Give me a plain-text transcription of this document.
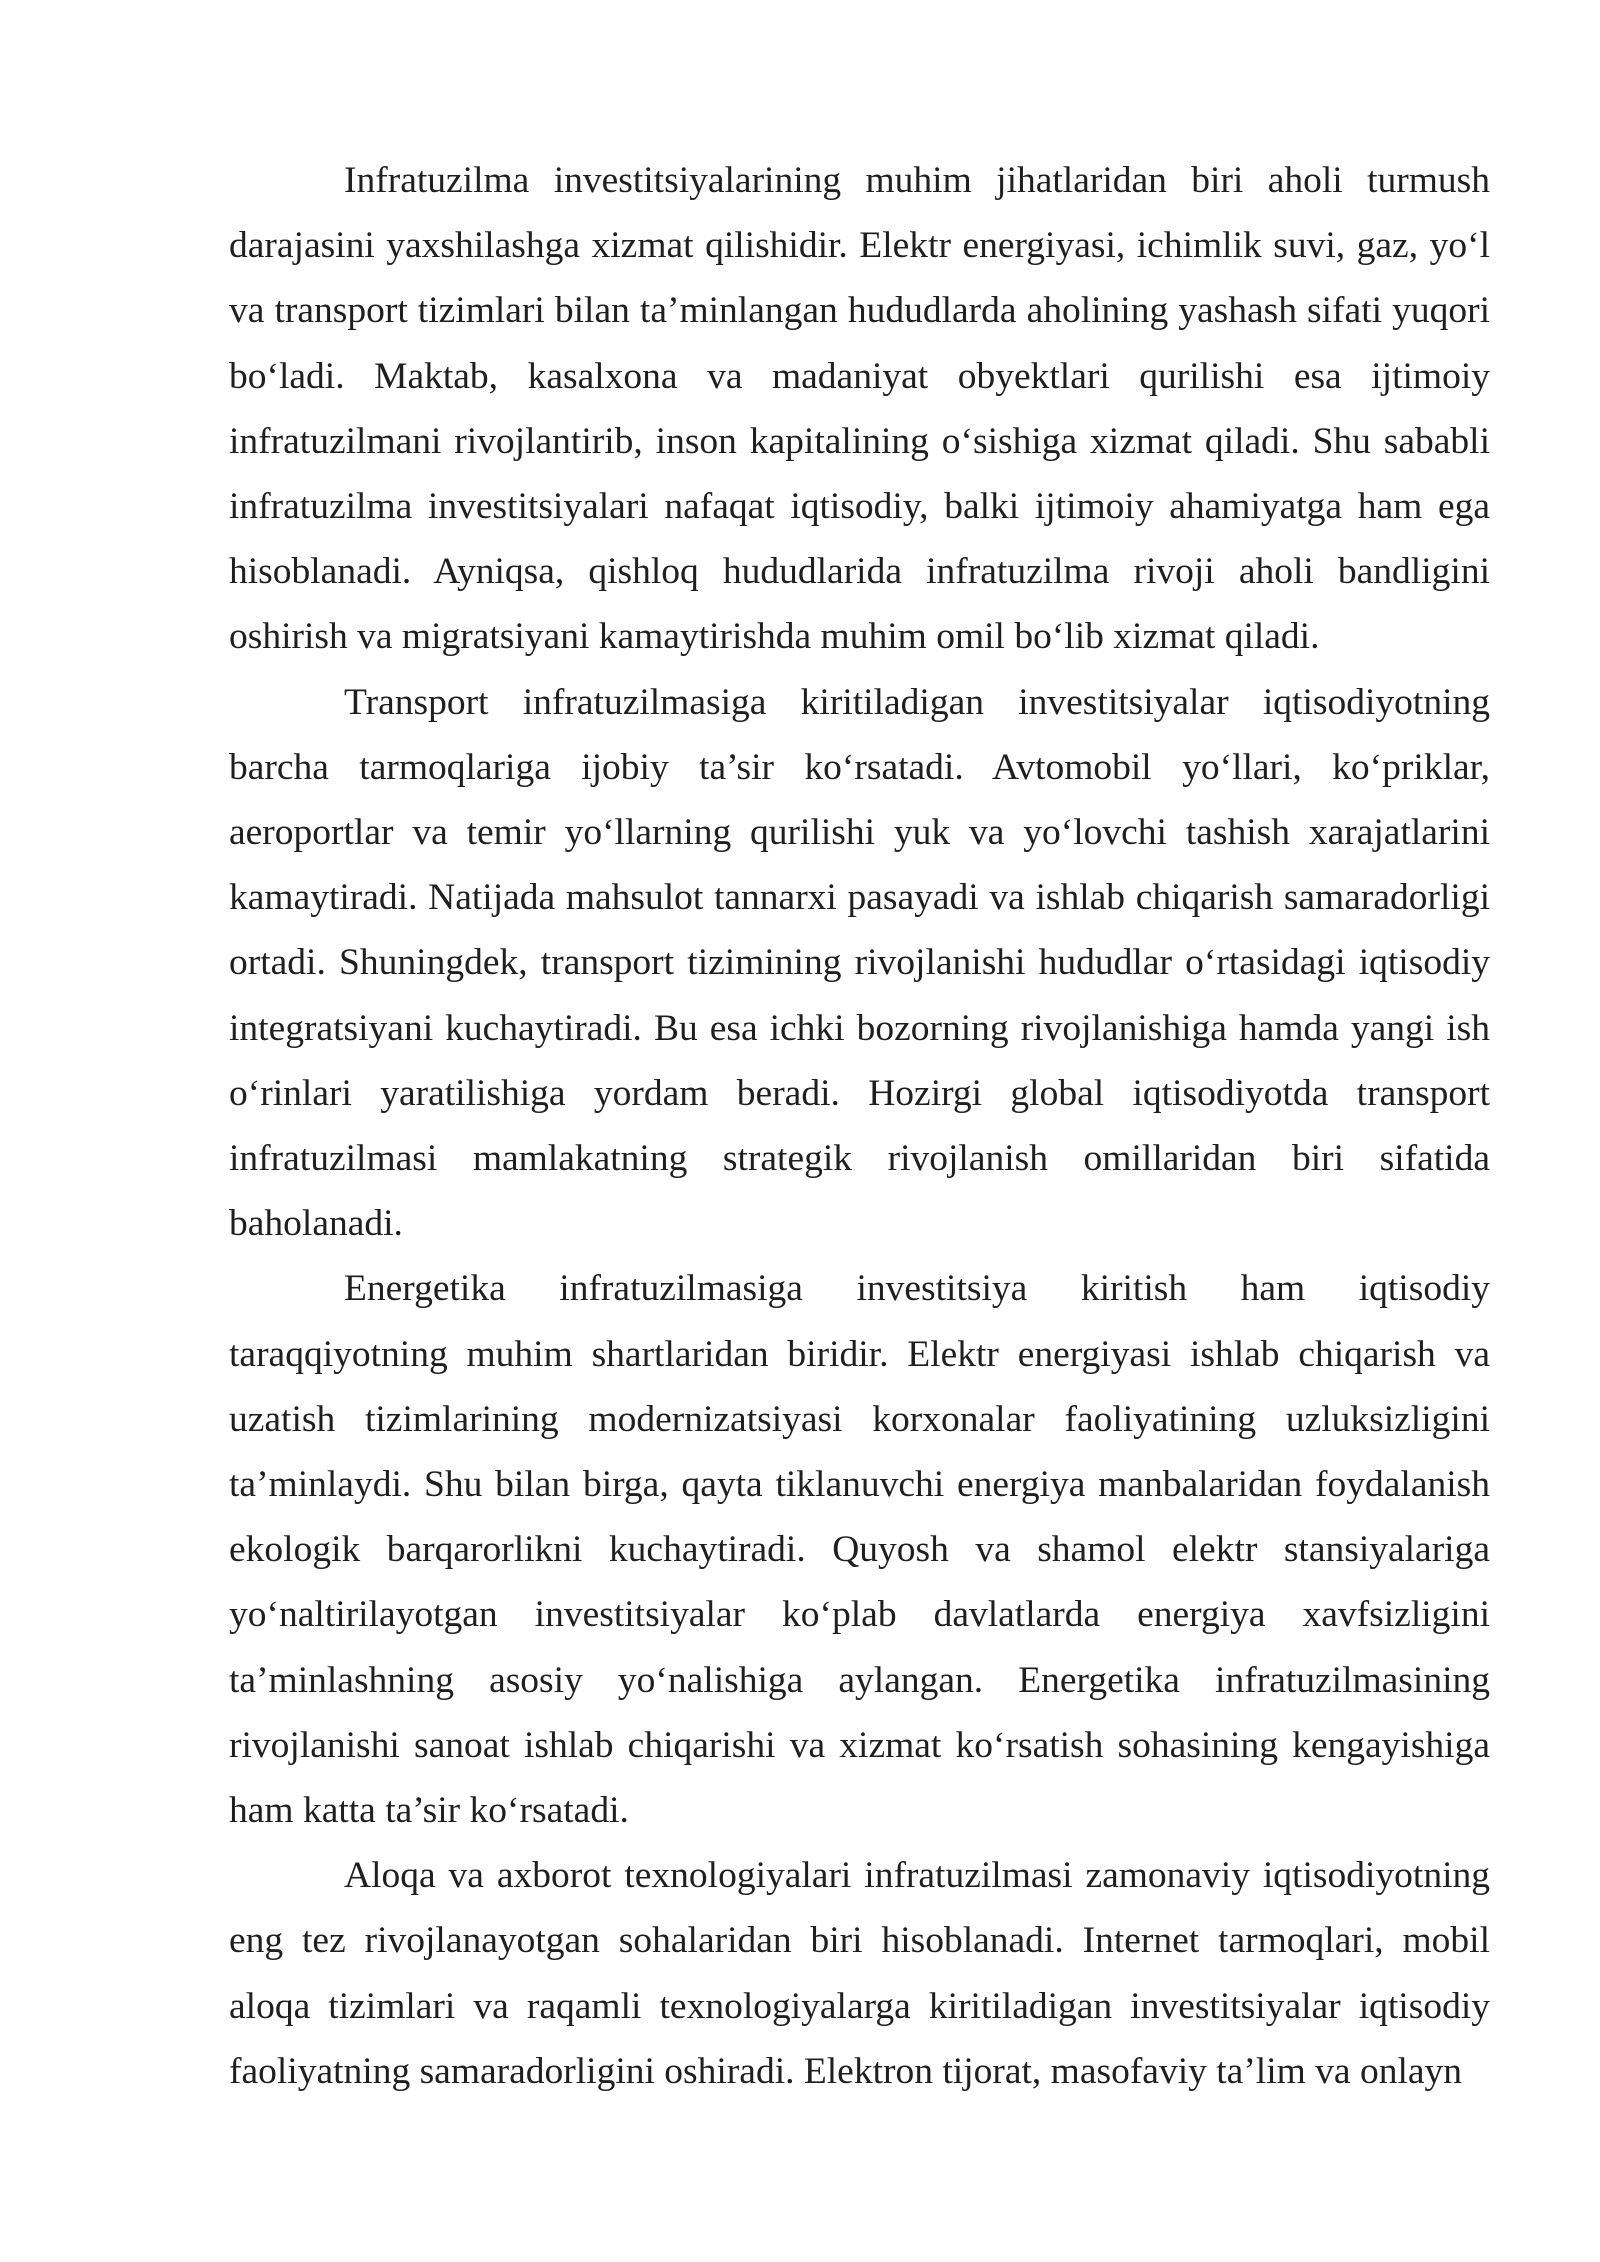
Infratuzilma investitsiyalarining muhim jihatlaridan biri aholi turmush darajasini yaxshilashga xizmat qilishidir. Elektr energiyasi, ichimlik suvi, gaz, yo‘l va transport tizimlari bilan ta’minlangan hududlarda aholining yashash sifati yuqori bo‘ladi. Maktab, kasalxona va madaniyat obyektlari qurilishi esa ijtimoiy infratuzilmani rivojlantirib, inson kapitalining o‘sishiga xizmat qiladi. Shu sababli infratuzilma investitsiyalari nafaqat iqtisodiy, balki ijtimoiy ahamiyatga ham ega hisoblanadi. Ayniqsa, qishloq hududlarida infratuzilma rivoji aholi bandligini oshirish va migratsiyani kamaytirishda muhim omil bo‘lib xizmat qiladi.

Transport infratuzilmasiga kiritiladigan investitsiyalar iqtisodiyotning barcha tarmoqlariga ijobiy ta’sir ko‘rsatadi. Avtomobil yo‘llari, ko‘priklar, aeroportlar va temir yo‘llarning qurilishi yuk va yo‘lovchi tashish xarajatlarini kamaytiradi. Natijada mahsulot tannarxi pasayadi va ishlab chiqarish samaradorligi ortadi. Shuningdek, transport tizimining rivojlanishi hududlar o‘rtasidagi iqtisodiy integratsiyani kuchaytiradi. Bu esa ichki bozorning rivojlanishiga hamda yangi ish o‘rinlari yaratilishiga yordam beradi. Hozirgi global iqtisodiyotda transport infratuzilmasi mamlakatning strategik rivojlanish omillaridan biri sifatida baholanadi.

Energetika infratuzilmasiga investitsiya kiritish ham iqtisodiy taraqqiyotning muhim shartlaridan biridir. Elektr energiyasi ishlab chiqarish va uzatish tizimlarining modernizatsiyasi korxonalar faoliyatining uzluksizligini ta’minlaydi. Shu bilan birga, qayta tiklanuvchi energiya manbalaridan foydalanish ekologik barqarorlikni kuchaytiradi. Quyosh va shamol elektr stansiyalariga yo‘naltirilayotgan investitsiyalar ko‘plab davlatlarda energiya xavfsizligini ta’minlashning asosiy yo‘nalishiga aylangan. Energetika infratuzilmasining rivojlanishi sanoat ishlab chiqarishi va xizmat ko‘rsatish sohasining kengayishiga ham katta ta’sir ko‘rsatadi.

Aloqa va axborot texnologiyalari infratuzilmasi zamonaviy iqtisodiyotning eng tez rivojlanayotgan sohalaridan biri hisoblanadi. Internet tarmoqlari, mobil aloqa tizimlari va raqamli texnologiyalarga kiritiladigan investitsiyalar iqtisodiy faoliyatning samaradorligini oshiradi. Elektron tijorat, masofaviy ta’lim va onlayn
